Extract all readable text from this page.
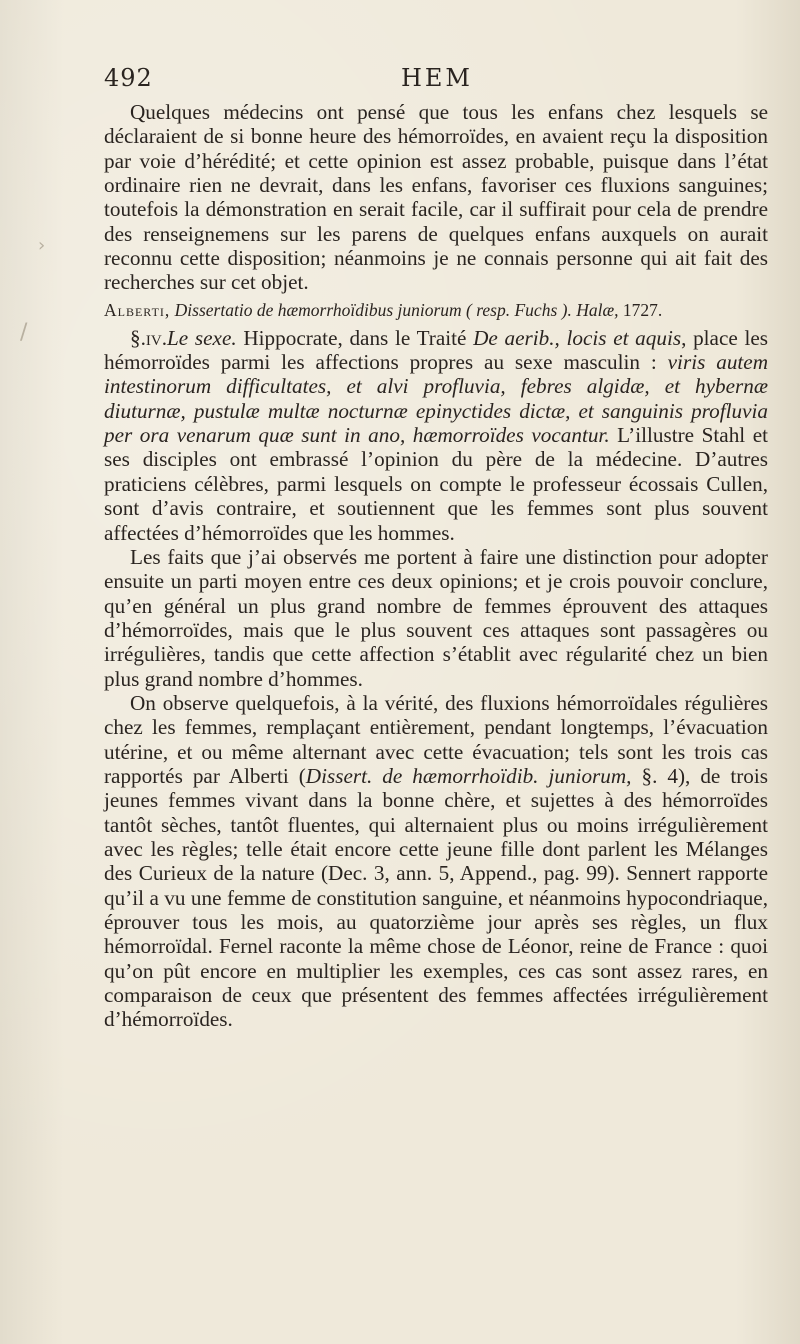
492	HEM

Quelques médecins ont pensé que tous les enfans chez lesquels se déclaraient de si bonne heure des hémorroïdes, en avaient reçu la disposition par voie d’hérédité; et cette opinion est assez probable, puisque dans l’état ordinaire rien ne devrait, dans les enfans, favoriser ces fluxions sanguines; toutefois la démonstration en serait facile, car il suffirait pour cela de prendre des renseignemens sur les parens de quelques enfans auxquels on aurait reconnu cette disposition; néanmoins je ne connais personne qui ait fait des recherches sur cet objet.

Alberti, Dissertatio de hæmorrhoïdibus juniorum ( resp. Fuchs ). Halæ, 1727.

§.iv.Le sexe. Hippocrate, dans le Traité De aerib., locis et aquis, place les hémorroïdes parmi les affections propres au sexe masculin : viris autem intestinorum difficultates, et alvi profluvia, febres algidæ, et hybernæ diuturnæ, pustulæ multæ nocturnæ epinyctides dictæ, et sanguinis profluvia per ora venarum quæ sunt in ano, hæmorroïdes vocantur. L’illustre Stahl et ses disciples ont embrassé l’opinion du père de la médecine. D’autres praticiens célèbres, parmi lesquels on compte le professeur écossais Cullen, sont d’avis contraire, et soutiennent que les femmes sont plus souvent affectées d’hémorroïdes que les hommes.

Les faits que j’ai observés me portent à faire une distinction pour adopter ensuite un parti moyen entre ces deux opinions; et je crois pouvoir conclure, qu’en général un plus grand nombre de femmes éprouvent des attaques d’hémorroïdes, mais que le plus souvent ces attaques sont passagères ou irrégulières, tandis que cette affection s’établit avec régularité chez un bien plus grand nombre d’hommes.

On observe quelquefois, à la vérité, des fluxions hémorroïdales régulières chez les femmes, remplaçant entièrement, pendant longtemps, l’évacuation utérine, et ou même alternant avec cette évacuation; tels sont les trois cas rapportés par Alberti (Dissert. de hæmorrhoïdib. juniorum, §. 4), de trois jeunes femmes vivant dans la bonne chère, et sujettes à des hémorroïdes tantôt sèches, tantôt fluentes, qui alternaient plus ou moins irrégulièrement avec les règles; telle était encore cette jeune fille dont parlent les Mélanges des Curieux de la nature (Dec. 3, ann. 5, Append., pag. 99). Sennert rapporte qu’il a vu une femme de constitution sanguine, et néanmoins hypocondriaque, éprouver tous les mois, au quatorzième jour après ses règles, un flux hémorroïdal. Fernel raconte la même chose de Léonor, reine de France : quoi qu’on pût encore en multiplier les exemples, ces cas sont assez rares, en comparaison de ceux que présentent des femmes affectées irrégulièrement d’hémorroïdes.

›
/
